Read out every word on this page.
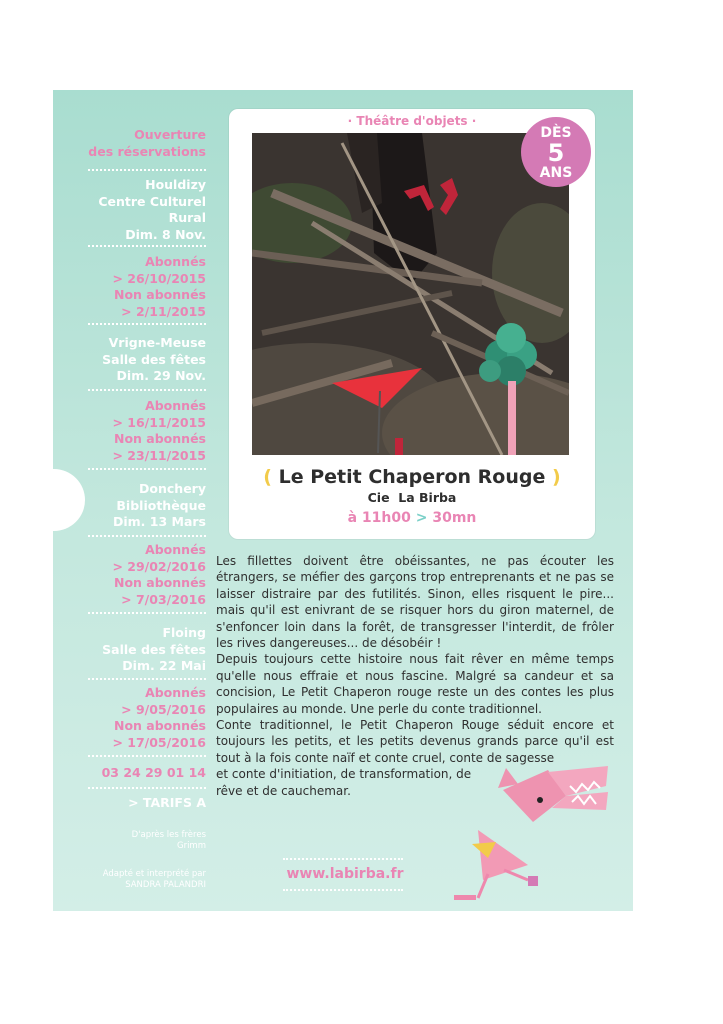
Ouverture
des réservations
Houldizy
Centre Culturel
Rural
Dim. 8 Nov.
Abonnés
> 26/10/2015
Non abonnés
> 2/11/2015
Vrigne-Meuse
Salle des fêtes
Dim. 29 Nov.
Abonnés
> 16/11/2015
Non abonnés
> 23/11/2015
Donchery
Bibliothèque
Dim. 13 Mars
Abonnés
> 29/02/2016
Non abonnés
> 7/03/2016
Floing
Salle des fêtes
Dim. 22 Mai
Abonnés
> 9/05/2016
Non abonnés
> 17/05/2016
03 24 29 01 14
> TARIFS A
D'après les frères
Grimm
Adapté et interprété par
SANDRA PALANDRI
· Théâtre d'objets ·
DÈS
5
ANS
( Le Petit Chaperon Rouge )
Cie  La Birba
à 11h00 > 30mn
Les fillettes doivent être obéissantes, ne pas écouter les étrangers, se méfier des garçons trop entreprenants et ne pas se laisser distraire par des futilités. Sinon, elles risquent le pire... mais qu'il est enivrant de se risquer hors du giron maternel, de s'enfoncer loin dans la forêt, de transgresser l'interdit, de frôler les rives dangereuses... de désobéir !
Depuis toujours cette histoire nous fait rêver en même temps qu'elle nous effraie et nous fascine. Malgré sa candeur et sa concision, Le Petit Chaperon rouge reste un des contes les plus populaires au monde. Une perle du conte traditionnel.
Conte traditionnel, le Petit Chaperon Rouge séduit encore et toujours les petits, et les petits devenus grands parce qu'il est tout à la fois conte naïf et conte cruel, conte de sagesse
et conte d'initiation, de transformation, de
rêve et de cauchemar.
www.labirba.fr
